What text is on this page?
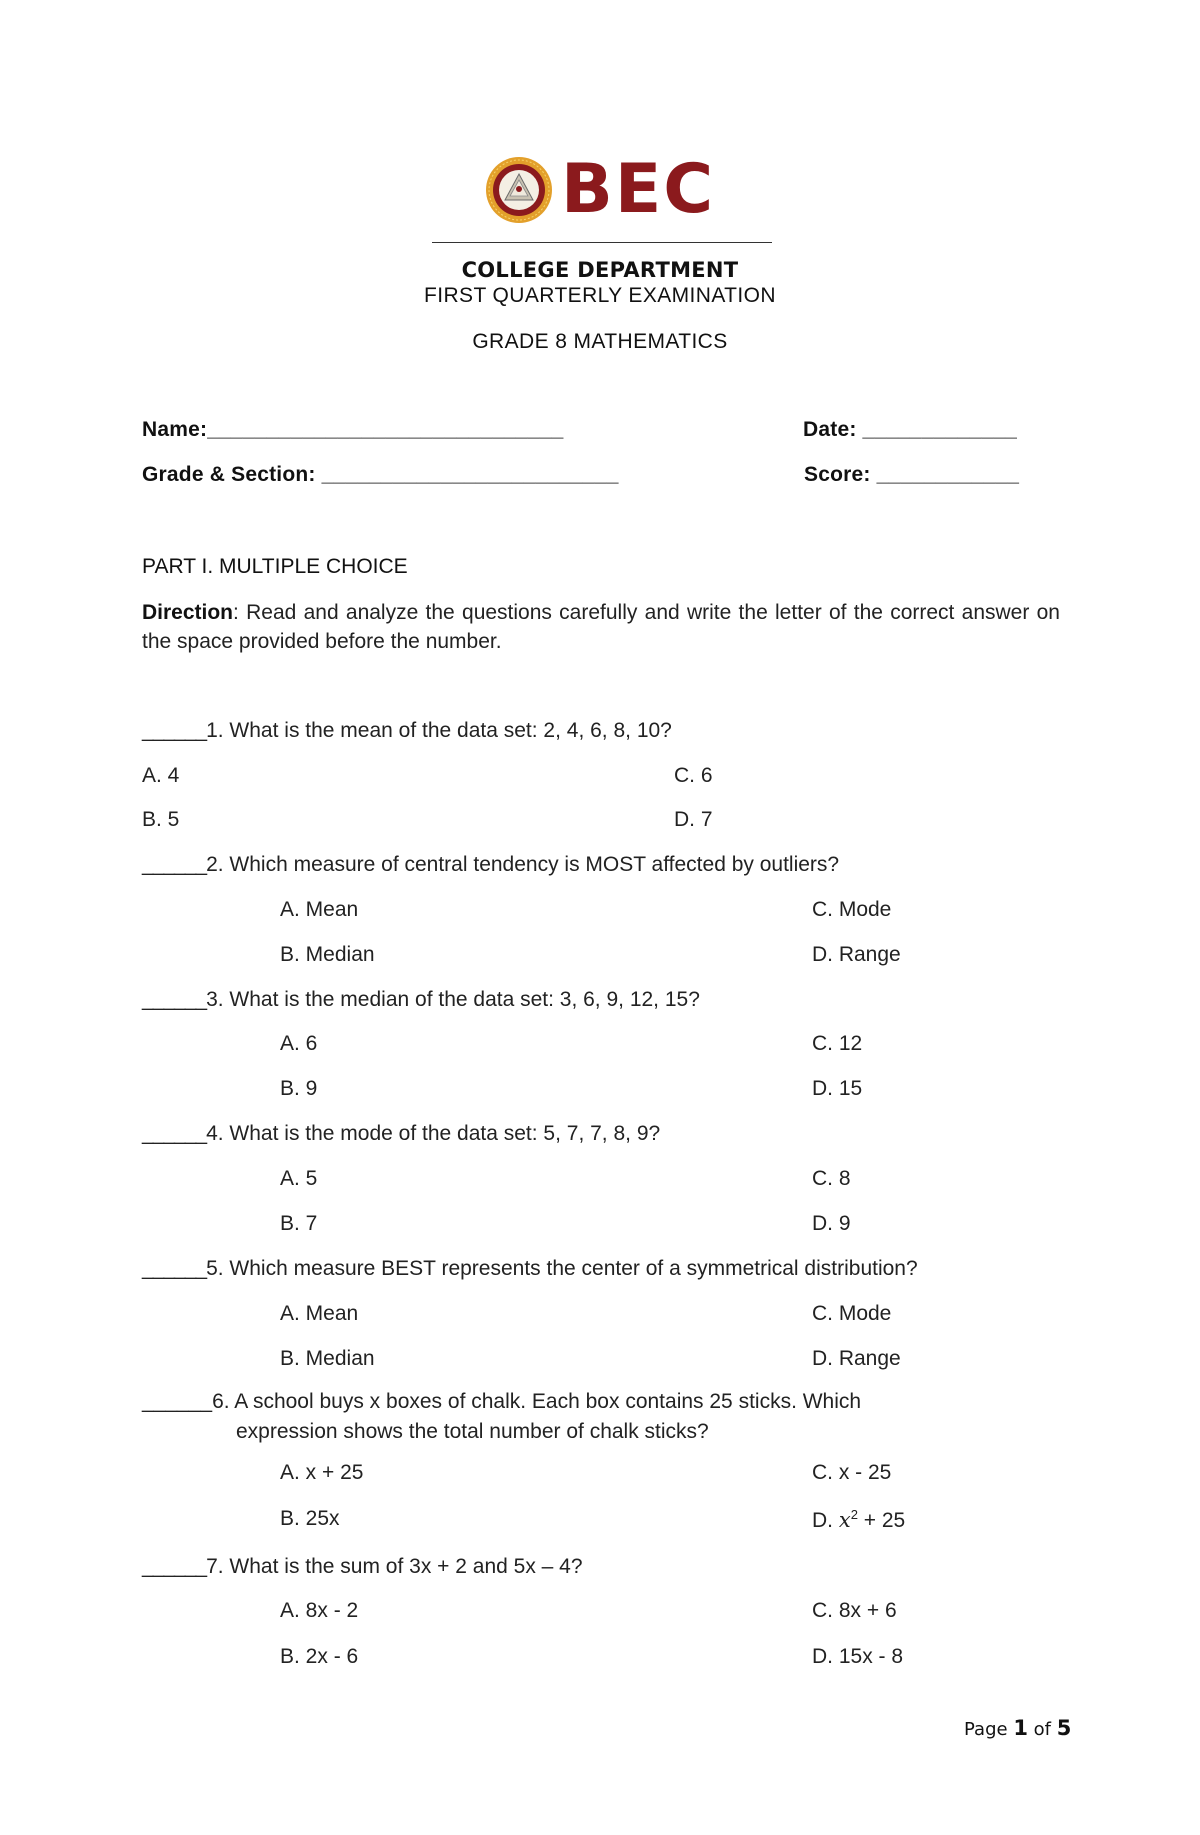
BEC
COLLEGE DEPARTMENT
FIRST QUARTERLY EXAMINATION
GRADE 8 MATHEMATICS
Name:______________________________	Date: _____________
Grade & Section: _________________________	Score: ____________
PART I. MULTIPLE CHOICE
Direction: Read and analyze the questions carefully and write the letter of the correct answer on the space provided before the number.
______1. What is the mean of the data set: 2, 4, 6, 8, 10?
A. 4	C. 6
B. 5	D. 7
______2. Which measure of central tendency is MOST affected by outliers?
A. Mean	C. Mode
B. Median	D. Range
______3. What is the median of the data set: 3, 6, 9, 12, 15?
A. 6	C. 12
B. 9	D. 15
______4. What is the mode of the data set: 5, 7, 7, 8, 9?
A. 5	C. 8
B. 7	D. 9
______5. Which measure BEST represents the center of a symmetrical distribution?
A. Mean	C. Mode
B. Median	D. Range
______6. A school buys x boxes of chalk. Each box contains 25 sticks. Which
expression shows the total number of chalk sticks?
A. x + 25	C. x - 25
B. 25x	D. $x^2 + 25$
______7. What is the sum of 3x + 2 and 5x – 4?
A. 8x - 2	C. 8x + 6
B. 2x - 6	D. 15x - 8
Page 1 of 5
